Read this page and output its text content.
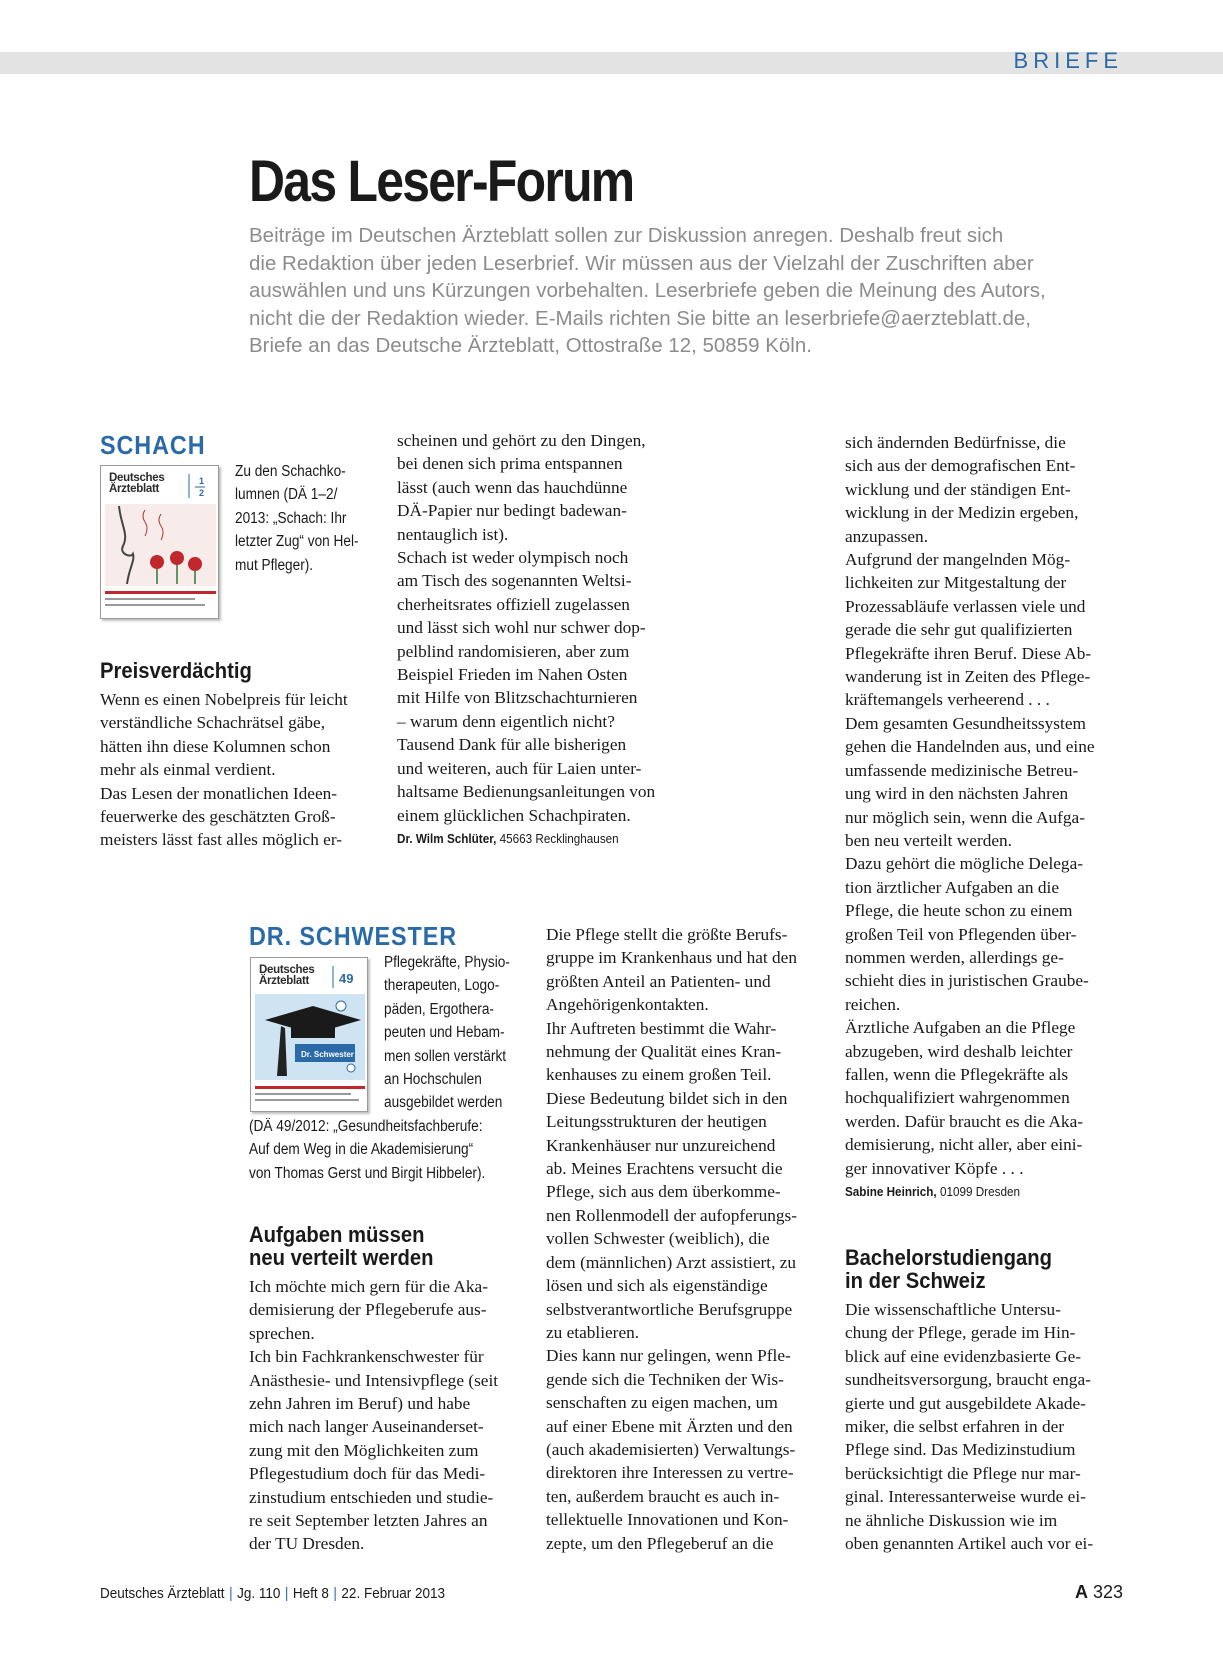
BRIEFE
Das Leser-Forum
Beiträge im Deutschen Ärzteblatt sollen zur Diskussion anregen. Deshalb freut sich
die Redaktion über jeden Leserbrief. Wir müssen aus der Vielzahl der Zuschriften aber
auswählen und uns Kürzungen vorbehalten. Leserbriefe geben die Meinung des Autors,
nicht die der Redaktion wieder. E-Mails richten Sie bitte an leserbriefe@aerzteblatt.de,
Briefe an das Deutsche Ärzteblatt, Ottostraße 12, 50859 Köln.
SCHACH
Deutsches
Ärzteblatt
1
2
Zu den Schachko-
lumnen (DÄ 1–2/
2013: „Schach: Ihr
letzter Zug“ von Hel-
mut Pfleger).
Preisverdächtig
Wenn es einen Nobelpreis für leicht
verständliche Schachrätsel gäbe,
hätten ihn diese Kolumnen schon
mehr als einmal verdient.
Das Lesen der monatlichen Ideen-
feuerwerke des geschätzten Groß-
meisters lässt fast alles möglich er-
scheinen und gehört zu den Dingen,
bei denen sich prima entspannen
lässt (auch wenn das hauchdünne
DÄ-Papier nur bedingt badewan-
nentauglich ist).
Schach ist weder olympisch noch
am Tisch des sogenannten Weltsi-
cherheitsrates offiziell zugelassen
und lässt sich wohl nur schwer dop-
pelblind randomisieren, aber zum
Beispiel Frieden im Nahen Osten
mit Hilfe von Blitzschachturnieren
– warum denn eigentlich nicht?
Tausend Dank für alle bisherigen
und weiteren, auch für Laien unter-
haltsame Bedienungsanleitungen von
einem glücklichen Schachpiraten.
Dr. Wilm Schlüter, 45663 Recklinghausen
DR. SCHWESTER
Deutsches
Ärzteblatt	49
Dr. Schwester
Pflegekräfte, Physio-
therapeuten, Logo-
päden, Ergothera-
peuten und Hebam-
men sollen verstärkt
an Hochschulen
ausgebildet werden
(DÄ 49/2012: „Gesundheitsfachberufe:
Auf dem Weg in die Akademisierung“
von Thomas Gerst und Birgit Hibbeler).
Aufgaben müssen
neu verteilt werden
Ich möchte mich gern für die Aka-
demisierung der Pflegeberufe aus-
sprechen.
Ich bin Fachkrankenschwester für
Anästhesie- und Intensivpflege (seit
zehn Jahren im Beruf) und habe
mich nach langer Auseinanderset-
zung mit den Möglichkeiten zum
Pflegestudium doch für das Medi-
zinstudium entschieden und studie-
re seit September letzten Jahres an
der TU Dresden.
Die Pflege stellt die größte Berufs-
gruppe im Krankenhaus und hat den
größten Anteil an Patienten- und
Angehörigenkontakten.
Ihr Auftreten bestimmt die Wahr-
nehmung der Qualität eines Kran-
kenhauses zu einem großen Teil.
Diese Bedeutung bildet sich in den
Leitungsstrukturen der heutigen
Krankenhäuser nur unzureichend
ab. Meines Erachtens versucht die
Pflege, sich aus dem überkomme-
nen Rollenmodell der aufopferungs-
vollen Schwester (weiblich), die
dem (männlichen) Arzt assistiert, zu
lösen und sich als eigenständige
selbstverantwortliche Berufsgruppe
zu etablieren.
Dies kann nur gelingen, wenn Pfle-
gende sich die Techniken der Wis-
senschaften zu eigen machen, um
auf einer Ebene mit Ärzten und den
(auch akademisierten) Verwaltungs-
direktoren ihre Interessen zu vertre-
ten, außerdem braucht es auch in-
tellektuelle Innovationen und Kon-
zepte, um den Pflegeberuf an die
sich ändernden Bedürfnisse, die
sich aus der demografischen Ent-
wicklung und der ständigen Ent-
wicklung in der Medizin ergeben,
anzupassen.
Aufgrund der mangelnden Mög-
lichkeiten zur Mitgestaltung der
Prozessabläufe verlassen viele und
gerade die sehr gut qualifizierten
Pflegekräfte ihren Beruf. Diese Ab-
wanderung ist in Zeiten des Pflege-
kräftemangels verheerend . . .
Dem gesamten Gesundheitssystem
gehen die Handelnden aus, und eine
umfassende medizinische Betreu-
ung wird in den nächsten Jahren
nur möglich sein, wenn die Aufga-
ben neu verteilt werden.
Dazu gehört die mögliche Delega-
tion ärztlicher Aufgaben an die
Pflege, die heute schon zu einem
großen Teil von Pflegenden über-
nommen werden, allerdings ge-
schieht dies in juristischen Graube-
reichen.
Ärztliche Aufgaben an die Pflege
abzugeben, wird deshalb leichter
fallen, wenn die Pflegekräfte als
hochqualifiziert wahrgenommen
werden. Dafür braucht es die Aka-
demisierung, nicht aller, aber eini-
ger innovativer Köpfe . . .
Sabine Heinrich, 01099 Dresden
Bachelorstudiengang
in der Schweiz
Die wissenschaftliche Untersu-
chung der Pflege, gerade im Hin-
blick auf eine evidenzbasierte Ge-
sundheitsversorgung, braucht enga-
gierte und gut ausgebildete Akade-
miker, die selbst erfahren in der
Pflege sind. Das Medizinstudium
berücksichtigt die Pflege nur mar-
ginal. Interessanterweise wurde ei-
ne ähnliche Diskussion wie im
oben genannten Artikel auch vor ei-
Deutsches Ärzteblatt | Jg. 110 | Heft 8 | 22. Februar 2013	A 323
